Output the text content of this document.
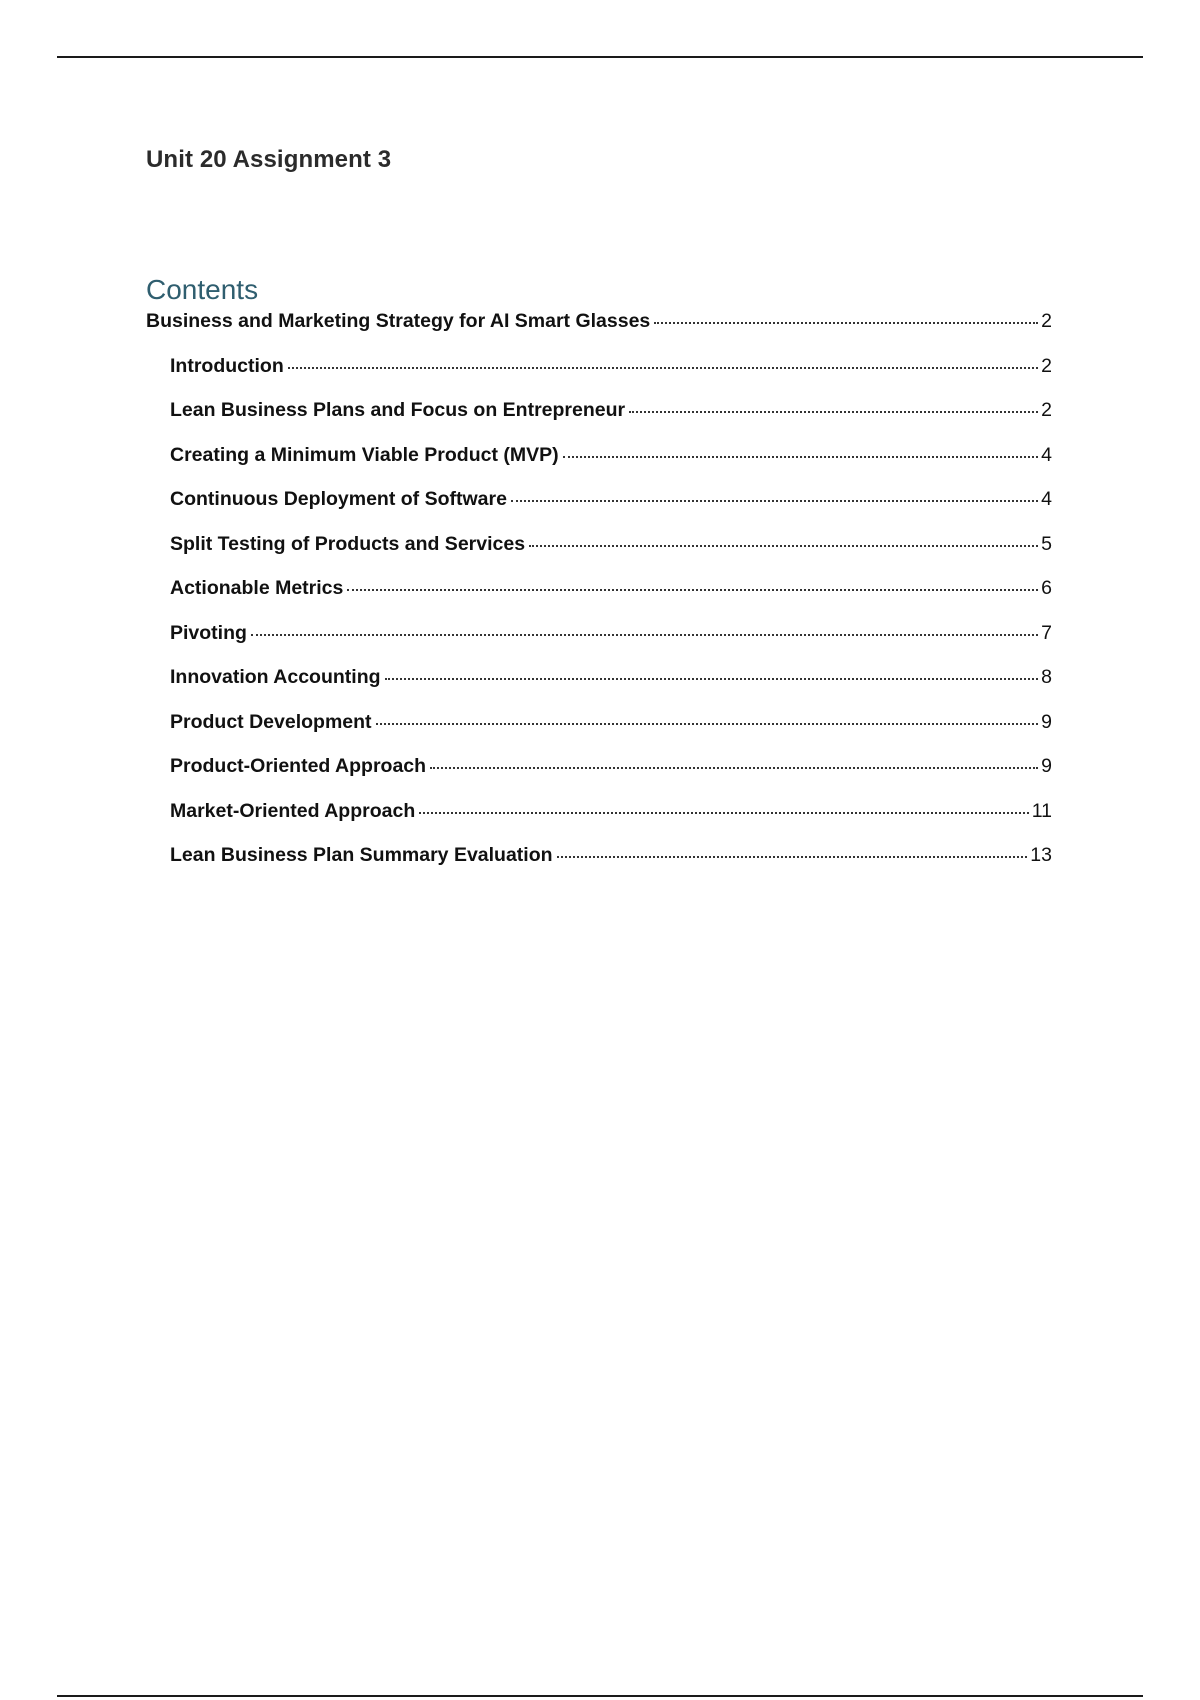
Unit 20 Assignment 3
Contents
Business and Marketing Strategy for AI Smart Glasses	2
Introduction	2
Lean Business Plans and Focus on Entrepreneur	2
Creating a Minimum Viable Product (MVP)	4
Continuous Deployment of Software	4
Split Testing of Products and Services	5
Actionable Metrics	6
Pivoting	7
Innovation Accounting	8
Product Development	9
Product-Oriented Approach	9
Market-Oriented Approach	11
Lean Business Plan Summary Evaluation	13
